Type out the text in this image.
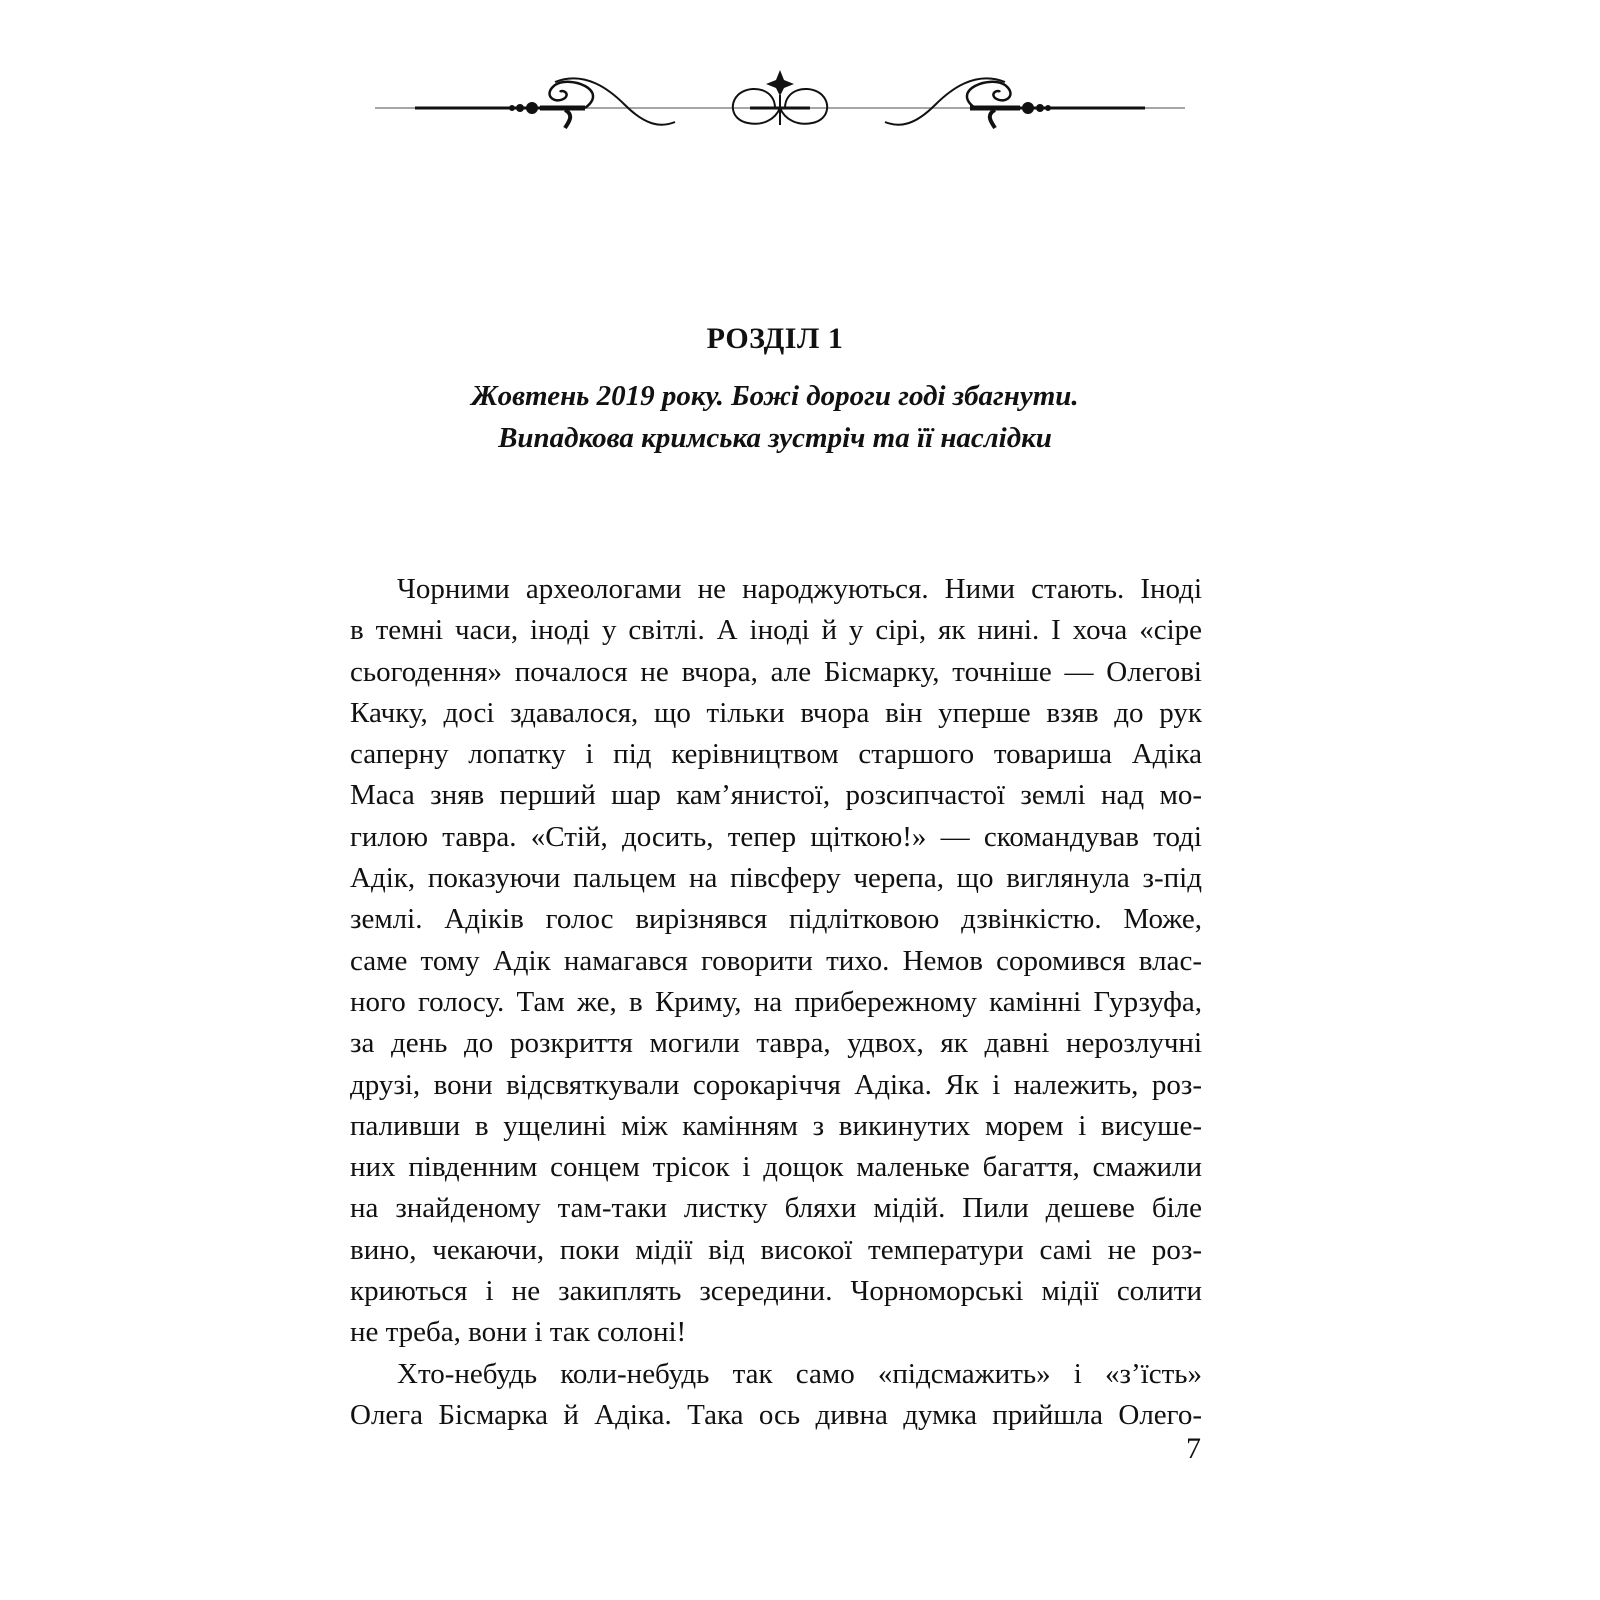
РОЗДІЛ 1
Жовтень 2019 року. Божі дороги годі збагнути.
Випадкова кримська зустріч та її наслідки
Чорними археологами не народжуються. Ними стають. Іноді
в темні часи, іноді у світлі. А іноді й у сірі, як нині. І хоча «сіре
сьогодення» почалося не вчора, але Бісмарку, точніше — Олегові
Качку, досі здавалося, що тільки вчора він уперше взяв до рук
саперну лопатку і під керівництвом старшого товариша Адіка
Маса зняв перший шар кам’янистої, розсипчастої землі над мо-
гилою тавра. «Стій, досить, тепер щіткою!» — скомандував тоді
Адік, показуючи пальцем на півсферу черепа, що виглянула з-під
землі. Адіків голос вирізнявся підлітковою дзвінкістю. Може,
саме тому Адік намагався говорити тихо. Немов соромився влас-
ного голосу. Там же, в Криму, на прибережному камінні Гурзуфа,
за день до розкриття могили тавра, удвох, як давні нерозлучні
друзі, вони відсвяткували сорокаріччя Адіка. Як і належить, роз-
паливши в ущелині між камінням з викинутих морем і висуше-
них південним сонцем трісок і дощок маленьке багаття, смажили
на знайденому там-таки листку бляхи мідій. Пили дешеве біле
вино, чекаючи, поки мідії від високої температури самі не роз-
криються і не закиплять зсередини. Чорноморські мідії солити
не треба, вони і так солоні!
Хто-небудь коли-небудь так само «підсмажить» і «з’їсть»
Олега Бісмарка й Адіка. Така ось дивна думка прийшла Олего-
7
